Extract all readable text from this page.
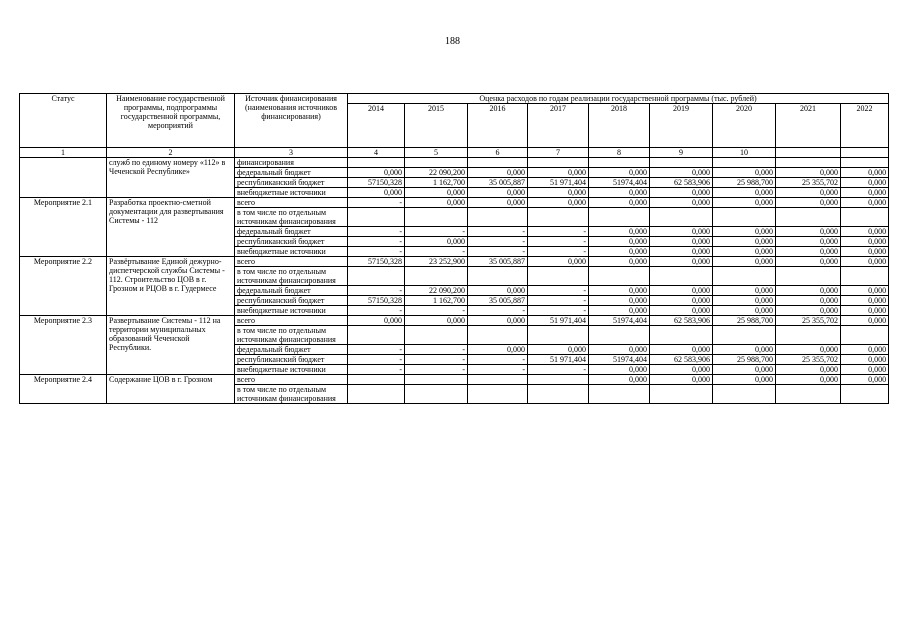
188
Статус	Наименование государственной программы, подпрограммы государственной программы, мероприятий	Источник финансирования (наименования источников финансирования)	Оценка расходов по годам реализации государственной программы (тыс. рублей)								
			2014	2015	2016	2017	2018	2019	2020	2021	2022
1	2	3	4	5	6	7	8	9	10		
	служб по единому номеру «112» в Чеченской Республике»	финансирования									
		федеральный бюджет	0,000	22 090,200	0,000	0,000	0,000	0,000	0,000	0,000	0,000
		республиканский бюджет	57150,328	1 162,700	35 005,887	51 971,404	51974,404	62 583,906	25 988,700	25 355,702	0,000
		внебюджетные источники	0,000	0,000	0,000	0,000	0,000	0,000	0,000	0,000	0,000
Мероприятие 2.1	Разработка проектно-сметной документации для развертывания Системы - 112	всего	-	0,000	0,000	0,000	0,000	0,000	0,000	0,000	0,000
		в том числе по отдельным источникам финансирования									
		федеральный бюджет	-	-	-	-	0,000	0,000	0,000	0,000	0,000
		республиканский бюджет	-	0,000	-	-	0,000	0,000	0,000	0,000	0,000
		внебюджетные источники	-	-	-	-	0,000	0,000	0,000	0,000	0,000
Мероприятие 2.2	Развёртывание Единой дежурно-диспетчерской службы Системы - 112. Строительство ЦОВ в г. Грозном и РЦОВ в г. Гудермесе	всего	57150,328	23 252,900	35 005,887	0,000	0,000	0,000	0,000	0,000	0,000
		в том числе по отдельным источникам финансирования									
		федеральный бюджет	-	22 090,200	0,000	-	0,000	0,000	0,000	0,000	0,000
		республиканский бюджет	57150,328	1 162,700	35 005,887	-	0,000	0,000	0,000	0,000	0,000
		внебюджетные источники	-	-	-	-	0,000	0,000	0,000	0,000	0,000
Мероприятие 2.3	Развертывание Системы - 112 на территории муниципальных образований Чеченской Республики.	всего	0,000	0,000	0,000	51 971,404	51974,404	62 583,906	25 988,700	25 355,702	0,000
		в том числе по отдельным источникам финансирования									
		федеральный бюджет	-	-	0,000	0,000	0,000	0,000	0,000	0,000	0,000
		республиканский бюджет	-	-	-	51 971,404	51974,404	62 583,906	25 988,700	25 355,702	0,000
		внебюджетные источники	-	-	-	-	0,000	0,000	0,000	0,000	0,000
Мероприятие 2.4	Содержание ЦОВ в г. Грозном	всего					0,000	0,000	0,000	0,000	0,000
		в том числе по отдельным источникам финансирования									
